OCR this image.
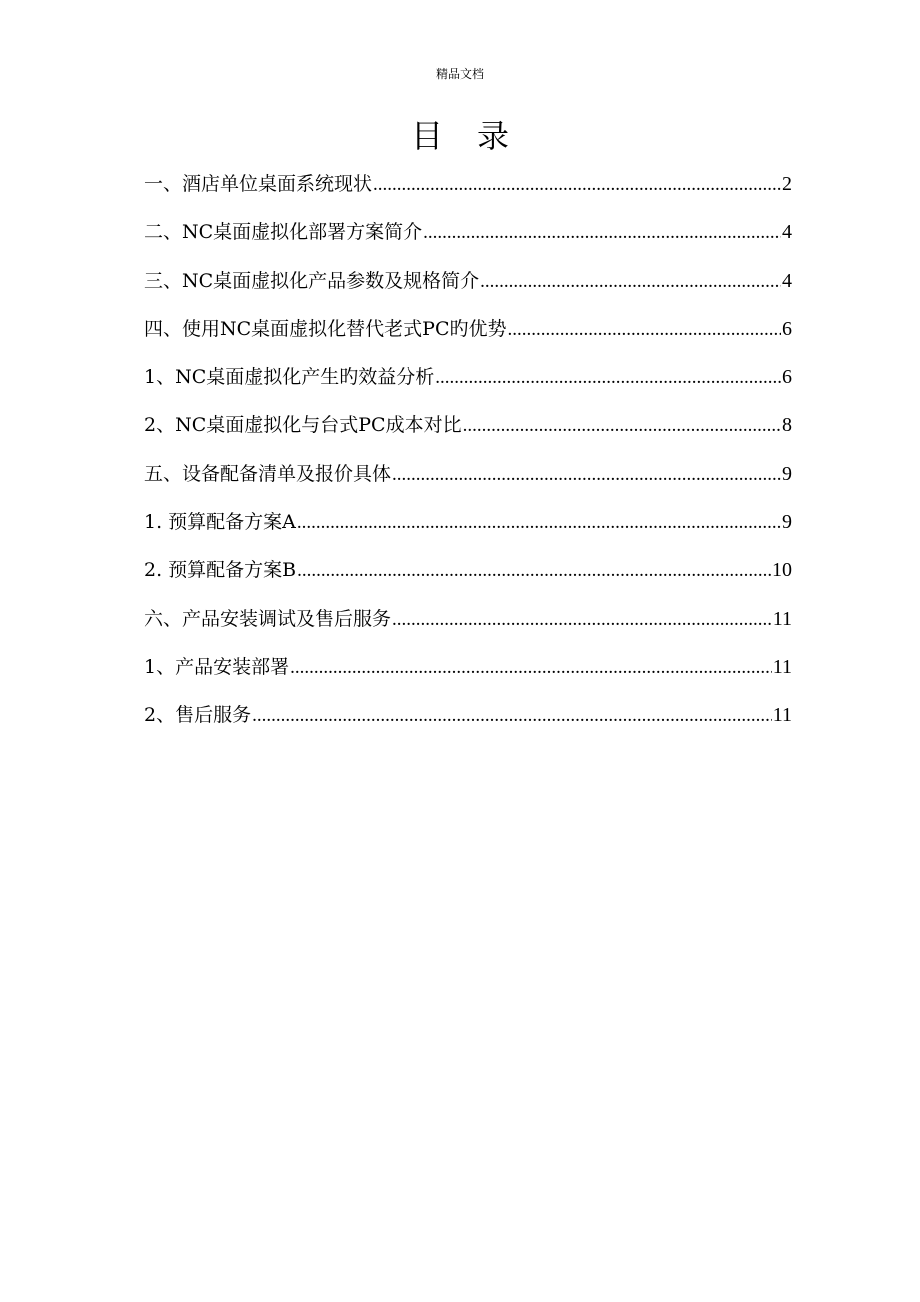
精品文档
目录
一、酒店单位桌面系统现状 .....	2
二、NC桌面虚拟化部署方案简介 .....	4
三、NC桌面虚拟化产品参数及规格简介 .....	4
四、使用NC桌面虚拟化替代老式PC旳优势 .....	6
1、NC桌面虚拟化产生旳效益分析 .....	6
2、NC桌面虚拟化与台式PC成本对比 .....	8
五、设备配备清单及报价具体 .....	9
1. 预算配备方案A .....	9
2. 预算配备方案B .....	10
六、产品安装调试及售后服务 .....	11
1、产品安装部署 .....	11
2、售后服务 .....	11
